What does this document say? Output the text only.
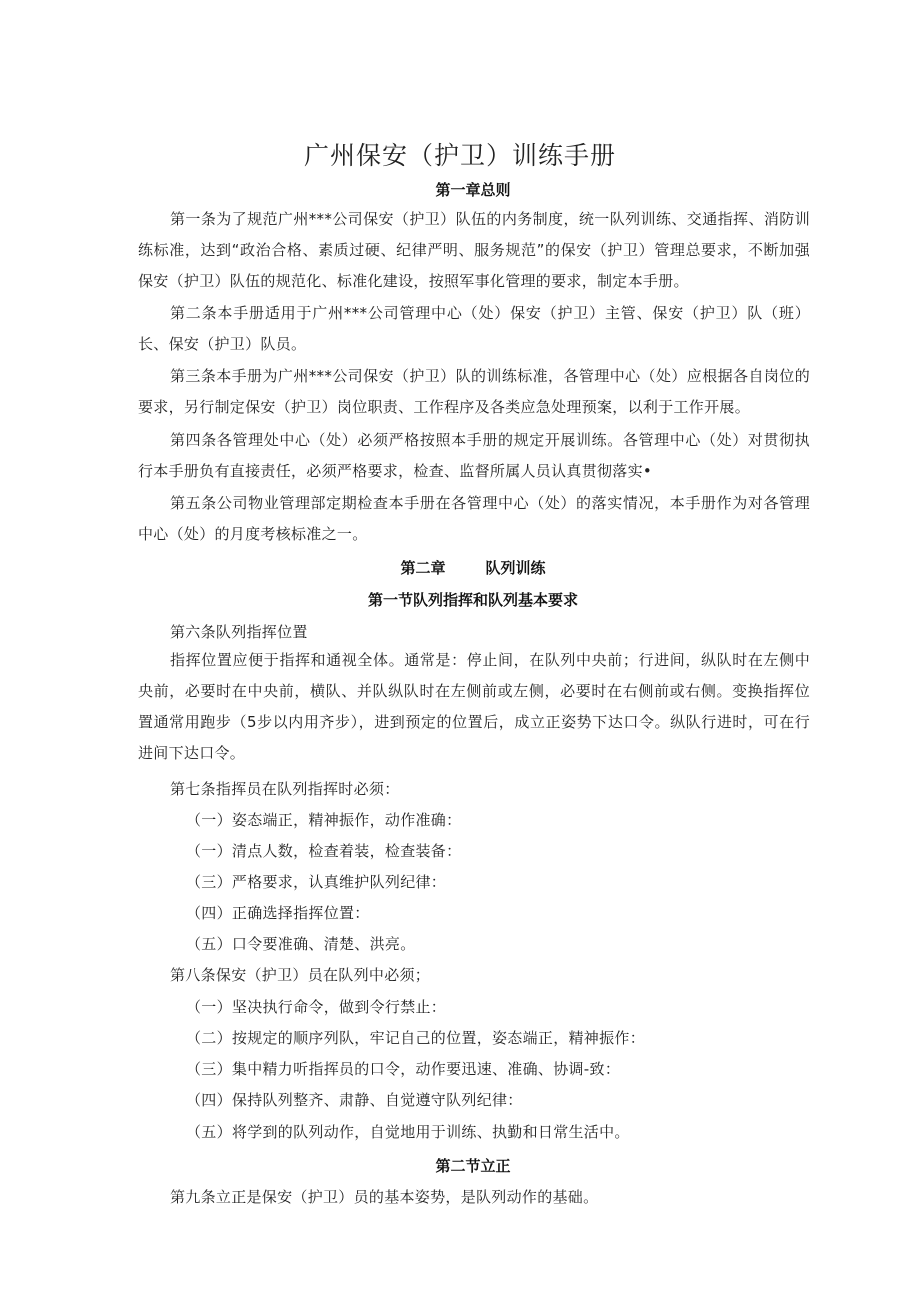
广州保安（护卫）训练手册
第一章总则
第一条为了规范广州***公司保安（护卫）队伍的内务制度，统一队列训练、交通指挥、消防训练标准，达到“政治合格、素质过硬、纪律严明、服务规范”的保安（护卫）管理总要求，不断加强保安（护卫）队伍的规范化、标准化建设，按照军事化管理的要求，制定本手册。
第二条本手册适用于广州***公司管理中心（处）保安（护卫）主管、保安（护卫）队（班）长、保安（护卫）队员。
第三条本手册为广州***公司保安（护卫）队的训练标准，各管理中心（处）应根据各自岗位的要求，另行制定保安（护卫）岗位职责、工作程序及各类应急处理预案，以利于工作开展。
第四条各管理处中心（处）必须严格按照本手册的规定开展训练。各管理中心（处）对贯彻执行本手册负有直接责任，必须严格要求，检查、监督所属人员认真贯彻落实•
第五条公司物业管理部定期检查本手册在各管理中心（处）的落实情况，本手册作为对各管理中心（处）的月度考核标准之一。
第二章	队列训练
第一节队列指挥和队列基本要求
第六条队列指挥位置
指挥位置应便于指挥和通视全体。通常是：停止间，在队列中央前；行进间，纵队时在左侧中央前，必要时在中央前，横队、并队纵队时在左侧前或左侧，必要时在右侧前或右侧。变换指挥位置通常用跑步（5步以内用齐步），进到预定的位置后，成立正姿势下达口令。纵队行进时，可在行进间下达口令。
第七条指挥员在队列指挥时必须：
（一）姿态端正，精神振作，动作准确：
（一）清点人数，检查着装，检查装备：
（三）严格要求，认真维护队列纪律：
（四）正确选择指挥位置：
（五）口令要准确、清楚、洪亮。
第八条保安（护卫）员在队列中必须；
（一）坚决执行命令，做到令行禁止：
（二）按规定的顺序列队，牢记自己的位置，姿态端正，精神振作：
（三）集中精力听指挥员的口令，动作要迅速、准确、协调-致：
（四）保持队列整齐、肃静、自觉遵守队列纪律：
（五）将学到的队列动作，自觉地用于训练、执勤和日常生活中。
第二节立正
第九条立正是保安（护卫）员的基本姿势，是队列动作的基础。
